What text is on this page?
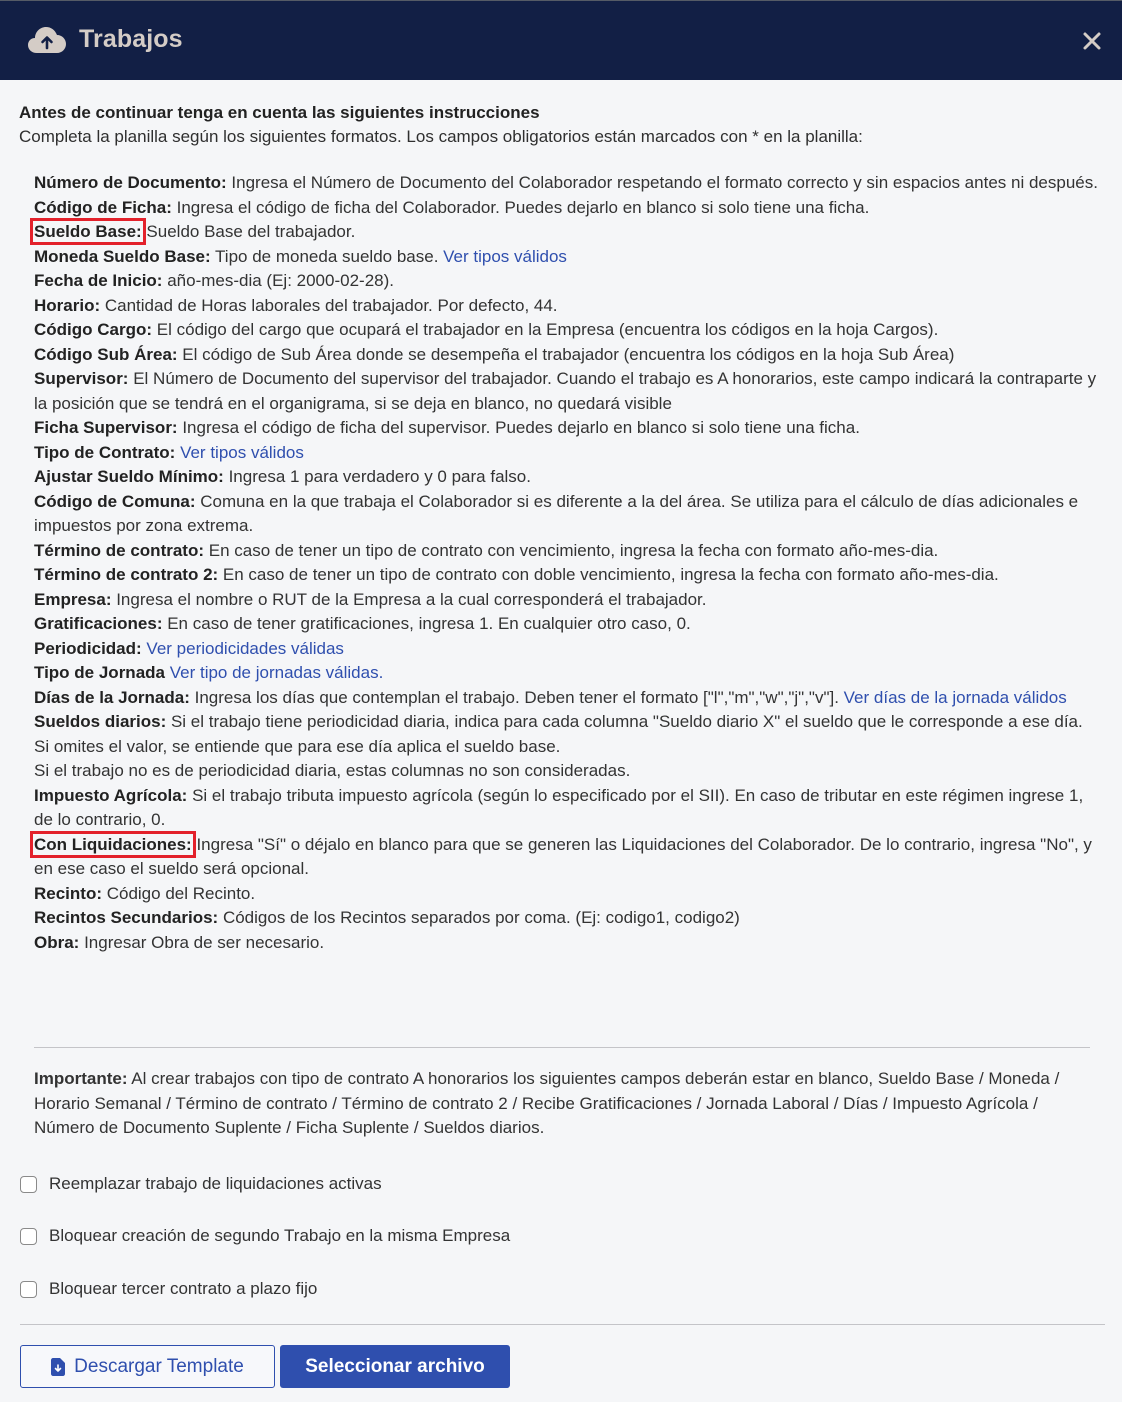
Trabajos
Antes de continuar tenga en cuenta las siguientes instrucciones
Completa la planilla según los siguientes formatos. Los campos obligatorios están marcados con * en la planilla:
Número de Documento: Ingresa el Número de Documento del Colaborador respetando el formato correcto y sin espacios antes ni después.
Código de Ficha: Ingresa el código de ficha del Colaborador. Puedes dejarlo en blanco si solo tiene una ficha.
Sueldo Base: Sueldo Base del trabajador.
Moneda Sueldo Base: Tipo de moneda sueldo base. Ver tipos válidos
Fecha de Inicio: año-mes-dia (Ej: 2000-02-28).
Horario: Cantidad de Horas laborales del trabajador. Por defecto, 44.
Código Cargo: El código del cargo que ocupará el trabajador en la Empresa (encuentra los códigos en la hoja Cargos).
Código Sub Área: El código de Sub Área donde se desempeña el trabajador (encuentra los códigos en la hoja Sub Área)
Supervisor: El Número de Documento del supervisor del trabajador. Cuando el trabajo es A honorarios, este campo indicará la contraparte y la posición que se tendrá en el organigrama, si se deja en blanco, no quedará visible
Ficha Supervisor: Ingresa el código de ficha del supervisor. Puedes dejarlo en blanco si solo tiene una ficha.
Tipo de Contrato: Ver tipos válidos
Ajustar Sueldo Mínimo: Ingresa 1 para verdadero y 0 para falso.
Código de Comuna: Comuna en la que trabaja el Colaborador si es diferente a la del área. Se utiliza para el cálculo de días adicionales e impuestos por zona extrema.
Término de contrato: En caso de tener un tipo de contrato con vencimiento, ingresa la fecha con formato año-mes-dia.
Término de contrato 2: En caso de tener un tipo de contrato con doble vencimiento, ingresa la fecha con formato año-mes-dia.
Empresa: Ingresa el nombre o RUT de la Empresa a la cual corresponderá el trabajador.
Gratificaciones: En caso de tener gratificaciones, ingresa 1. En cualquier otro caso, 0.
Periodicidad: Ver periodicidades válidas
Tipo de Jornada Ver tipo de jornadas válidas.
Días de la Jornada: Ingresa los días que contemplan el trabajo. Deben tener el formato ["l","m","w","j","v"]. Ver días de la jornada válidos
Sueldos diarios: Si el trabajo tiene periodicidad diaria, indica para cada columna "Sueldo diario X" el sueldo que le corresponde a ese día.
Si omites el valor, se entiende que para ese día aplica el sueldo base.
Si el trabajo no es de periodicidad diaria, estas columnas no son consideradas.
Impuesto Agrícola: Si el trabajo tributa impuesto agrícola (según lo especificado por el SII). En caso de tributar en este régimen ingrese 1, de lo contrario, 0.
Con Liquidaciones: Ingresa "Sí" o déjalo en blanco para que se generen las Liquidaciones del Colaborador. De lo contrario, ingresa "No", y en ese caso el sueldo será opcional.
Recinto: Código del Recinto.
Recintos Secundarios: Códigos de los Recintos separados por coma. (Ej: codigo1, codigo2)
Obra: Ingresar Obra de ser necesario.
Importante: Al crear trabajos con tipo de contrato A honorarios los siguientes campos deberán estar en blanco, Sueldo Base / Moneda / Horario Semanal / Término de contrato / Término de contrato 2 / Recibe Gratificaciones / Jornada Laboral / Días / Impuesto Agrícola / Número de Documento Suplente / Ficha Suplente / Sueldos diarios.
Reemplazar trabajo de liquidaciones activas
Bloquear creación de segundo Trabajo en la misma Empresa
Bloquear tercer contrato a plazo fijo
Descargar Template	Seleccionar archivo
